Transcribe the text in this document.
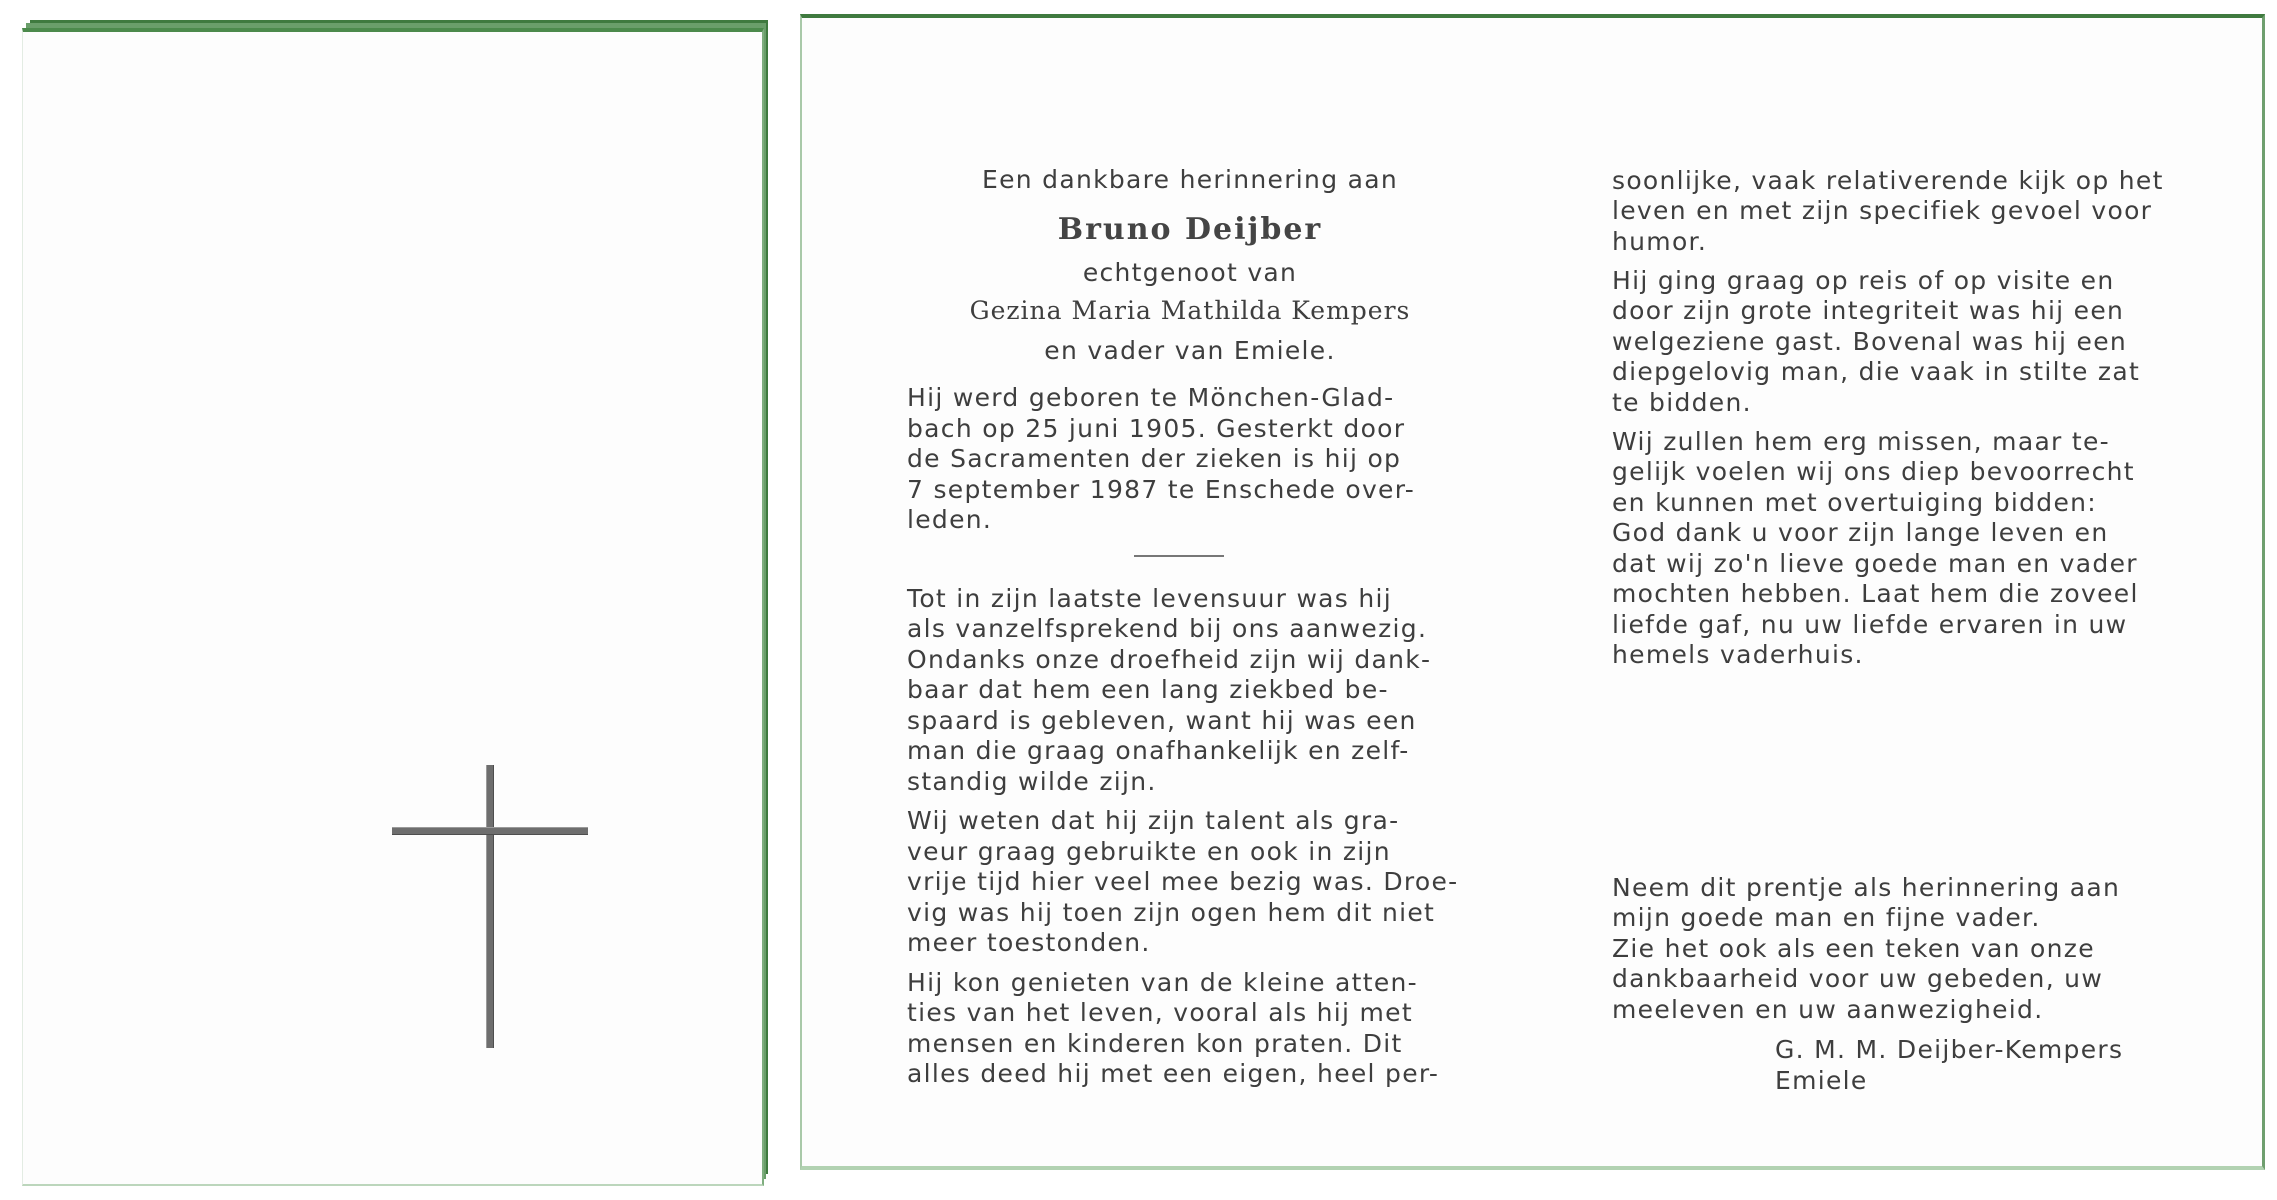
Een dankbare herinnering aan
Bruno Deijber
echtgenoot van
Gezina Maria Mathilda Kempers
en vader van Emiele.
Hij werd geboren te Mönchen-Glad-
bach op 25 juni 1905. Gesterkt door
de Sacramenten der zieken is hij op
7 september 1987 te Enschede over-
leden.
Tot in zijn laatste levensuur was hij
als vanzelfsprekend bij ons aanwezig.
Ondanks onze droefheid zijn wij dank-
baar dat hem een lang ziekbed be-
spaard is gebleven, want hij was een
man die graag onafhankelijk en zelf-
standig wilde zijn.
Wij weten dat hij zijn talent als gra-
veur graag gebruikte en ook in zijn
vrije tijd hier veel mee bezig was. Droe-
vig was hij toen zijn ogen hem dit niet
meer toestonden.
Hij kon genieten van de kleine atten-
ties van het leven, vooral als hij met
mensen en kinderen kon praten. Dit
alles deed hij met een eigen, heel per-
soonlijke, vaak relativerende kijk op het
leven en met zijn specifiek gevoel voor
humor.
Hij ging graag op reis of op visite en
door zijn grote integriteit was hij een
welgeziene gast. Bovenal was hij een
diepgelovig man, die vaak in stilte zat
te bidden.
Wij zullen hem erg missen, maar te-
gelijk voelen wij ons diep bevoorrecht
en kunnen met overtuiging bidden:
God dank u voor zijn lange leven en
dat wij zo'n lieve goede man en vader
mochten hebben. Laat hem die zoveel
liefde gaf, nu uw liefde ervaren in uw
hemels vaderhuis.
Neem dit prentje als herinnering aan
mijn goede man en fijne vader.
Zie het ook als een teken van onze
dankbaarheid voor uw gebeden, uw
meeleven en uw aanwezigheid.
G. M. M. Deijber-Kempers
Emiele
